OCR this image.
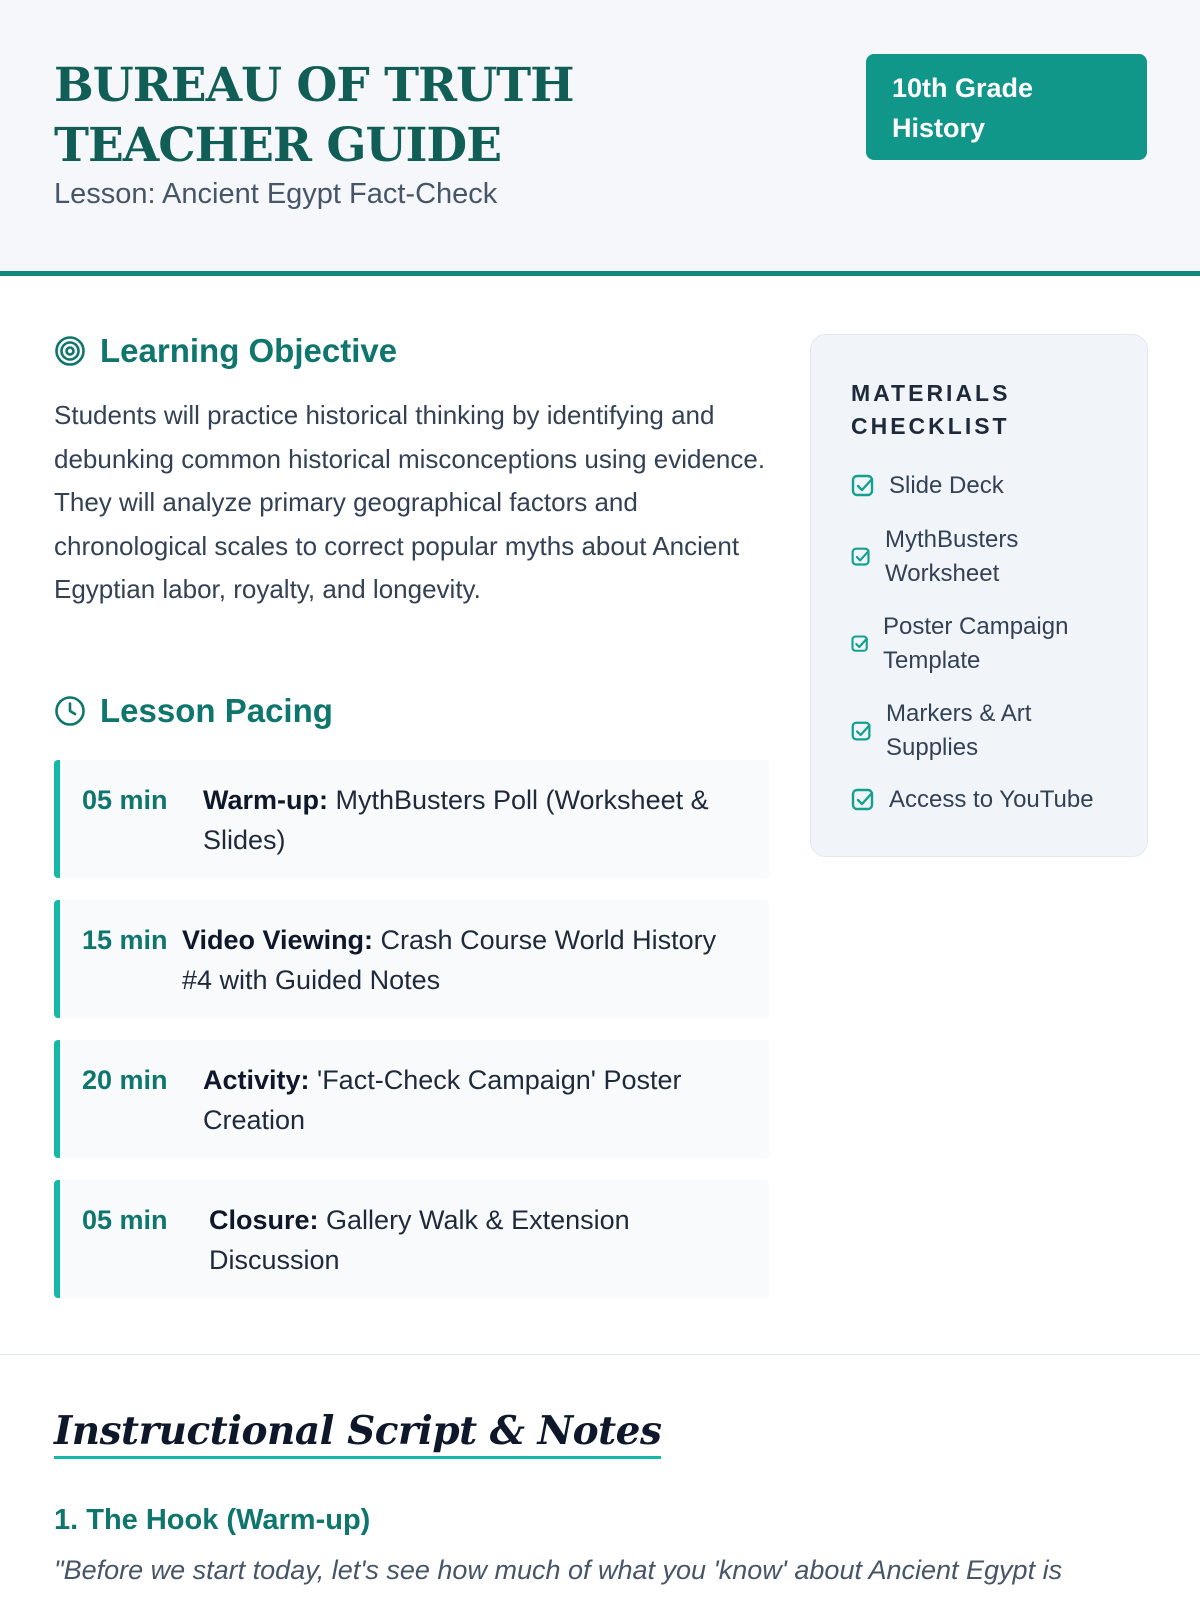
BUREAU OF TRUTH TEACHER GUIDE
Lesson: Ancient Egypt Fact-Check
10th Grade History
Learning Objective

Students will practice historical thinking by identifying and debunking common historical misconceptions using evidence. They will analyze primary geographical factors and chronological scales to correct popular myths about Ancient Egyptian labor, royalty, and longevity.

Lesson Pacing
05 min	Warm-up: MythBusters Poll (Worksheet & Slides)
15 min Video Viewing: Crash Course World History #4 with Guided Notes
20 min	Activity: 'Fact-Check Campaign' Poster Creation
05 min	Closure: Gallery Walk & Extension Discussion
MATERIALS CHECKLIST
Slide Deck
MythBusters Worksheet
Poster Campaign Template
Markers & Art Supplies
Access to YouTube
Instructional Script & Notes
1. The Hook (Warm-up)

"Before we start today, let's see how much of what you 'know' about Ancient Egypt is
